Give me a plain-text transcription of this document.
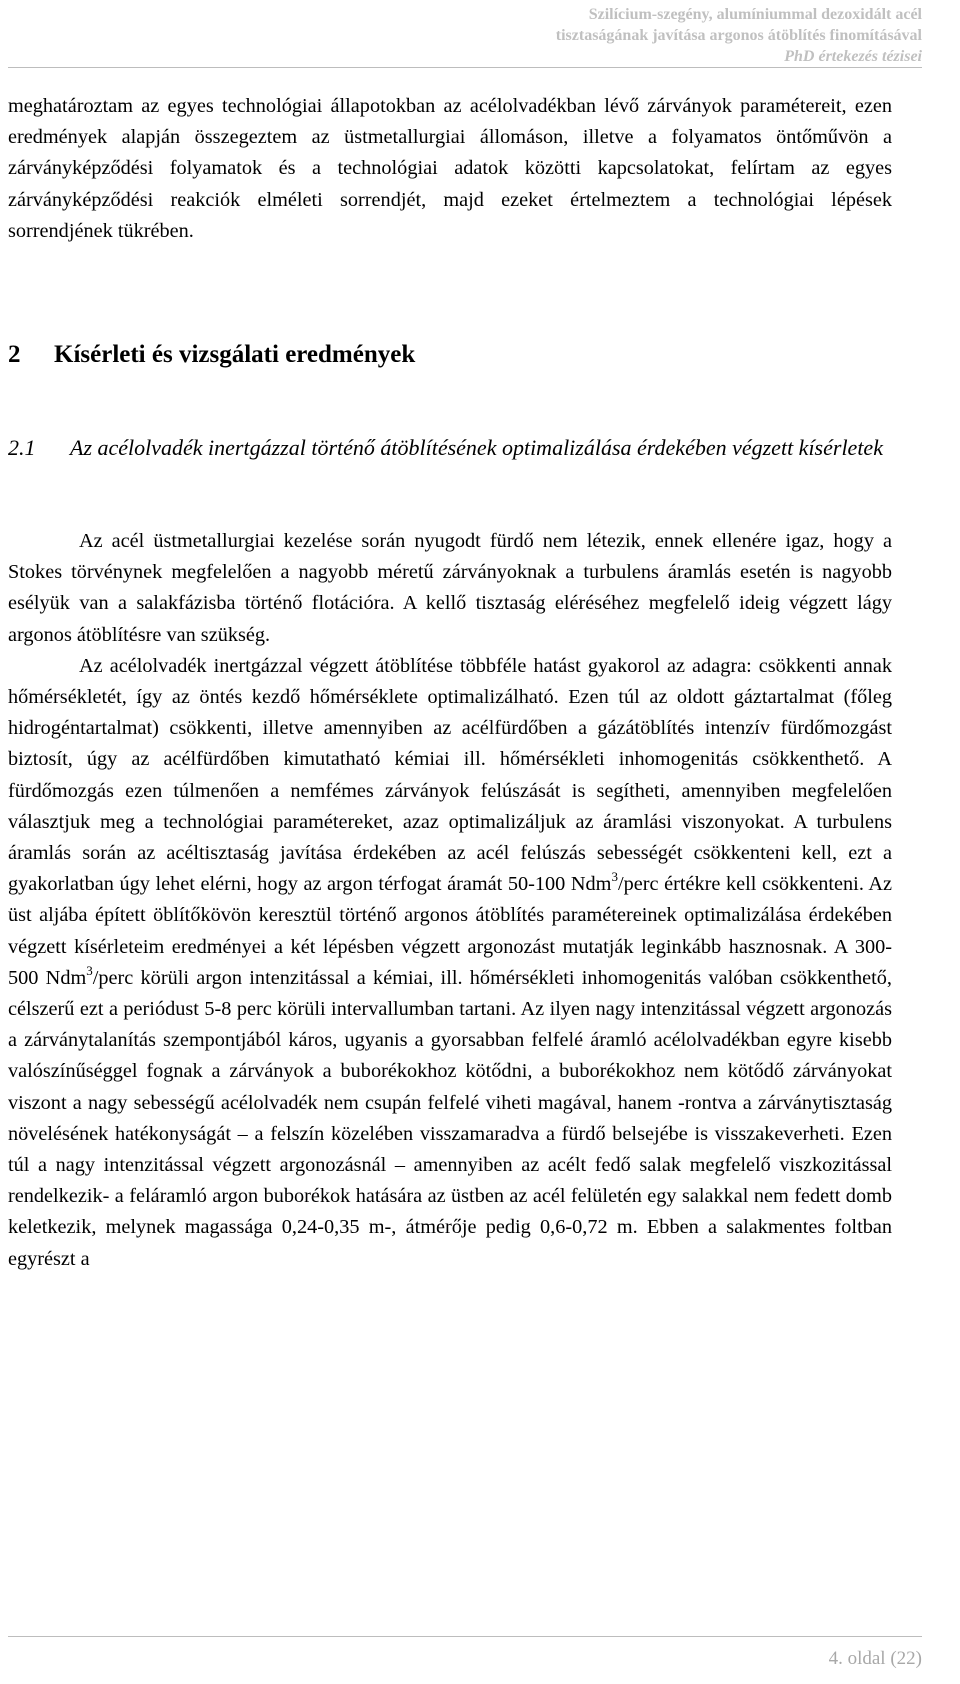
Szilícium-szegény, alumíniummal dezoxidált acél
tisztaságának javítása argonos átöblítés finomításával
PhD értekezés tézisei

meghatároztam az egyes technológiai állapotokban az acélolvadékban lévő zárványok paramétereit, ezen eredmények alapján összegeztem az üstmetallurgiai állomáson, illetve a folyamatos öntőművön a zárványképződési folyamatok és a technológiai adatok közötti kapcsolatokat, felírtam az egyes zárványképződési reakciók elméleti sorrendjét, majd ezeket értelmeztem a technológiai lépések sorrendjének tükrében.

2 Kísérleti és vizsgálati eredmények
2.1 Az acélolvadék inertgázzal történő átöblítésének optimalizálása érdekében végzett kísérletek

Az acél üstmetallurgiai kezelése során nyugodt fürdő nem létezik, ennek ellenére igaz, hogy a Stokes törvénynek megfelelően a nagyobb méretű zárványoknak a turbulens áramlás esetén is nagyobb esélyük van a salakfázisba történő flotációra. A kellő tisztaság eléréséhez megfelelő ideig végzett lágy argonos átöblítésre van szükség.

Az acélolvadék inertgázzal végzett átöblítése többféle hatást gyakorol az adagra: csökkenti annak hőmérsékletét, így az öntés kezdő hőmérséklete optimalizálható. Ezen túl az oldott gáztartalmat (főleg hidrogéntartalmat) csökkenti, illetve amennyiben az acélfürdőben a gázátöblítés intenzív fürdőmozgást biztosít, úgy az acélfürdőben kimutatható kémiai ill. hőmérsékleti inhomogenitás csökkenthető. A fürdőmozgás ezen túlmenően a nemfémes zárványok felúszását is segítheti, amennyiben megfelelően választjuk meg a technológiai paramétereket, azaz optimalizáljuk az áramlási viszonyokat. A turbulens áramlás során az acéltisztaság javítása érdekében az acél felúszás sebességét csökkenteni kell, ezt a gyakorlatban úgy lehet elérni, hogy az argon térfogat áramát 50-100 Ndm$^3$/perc értékre kell csökkenteni. Az üst aljába épített öblítőkövön keresztül történő argonos átöblítés paramétereinek optimalizálása érdekében végzett kísérleteim eredményei a két lépésben végzett argonozást mutatják leginkább hasznosnak. A 300-500 Ndm$^3$/perc körüli argon intenzitással a kémiai, ill. hőmérsékleti inhomogenitás valóban csökkenthető, célszerű ezt a periódust 5-8 perc körüli intervallumban tartani. Az ilyen nagy intenzitással végzett argonozás a zárványtalanítás szempontjából káros, ugyanis a gyorsabban felfelé áramló acélolvadékban egyre kisebb valószínűséggel fognak a zárványok a buborékokhoz kötődni, a buborékokhoz nem kötődő zárványokat viszont a nagy sebességű acélolvadék nem csupán felfelé viheti magával, hanem -rontva a zárványtisztaság növelésének hatékonyságát – a felszín közelében visszamaradva a fürdő belsejébe is visszakeverheti. Ezen túl a nagy intenzitással végzett argonozásnál – amennyiben az acélt fedő salak megfelelő viszkozitással rendelkezik- a feláramló argon buborékok hatására az üstben az acél felületén egy salakkal nem fedett domb keletkezik, melynek magassága 0,24-0,35 m-, átmérője pedig 0,6-0,72 m. Ebben a salakmentes foltban egyrészt a

4. oldal (22)
